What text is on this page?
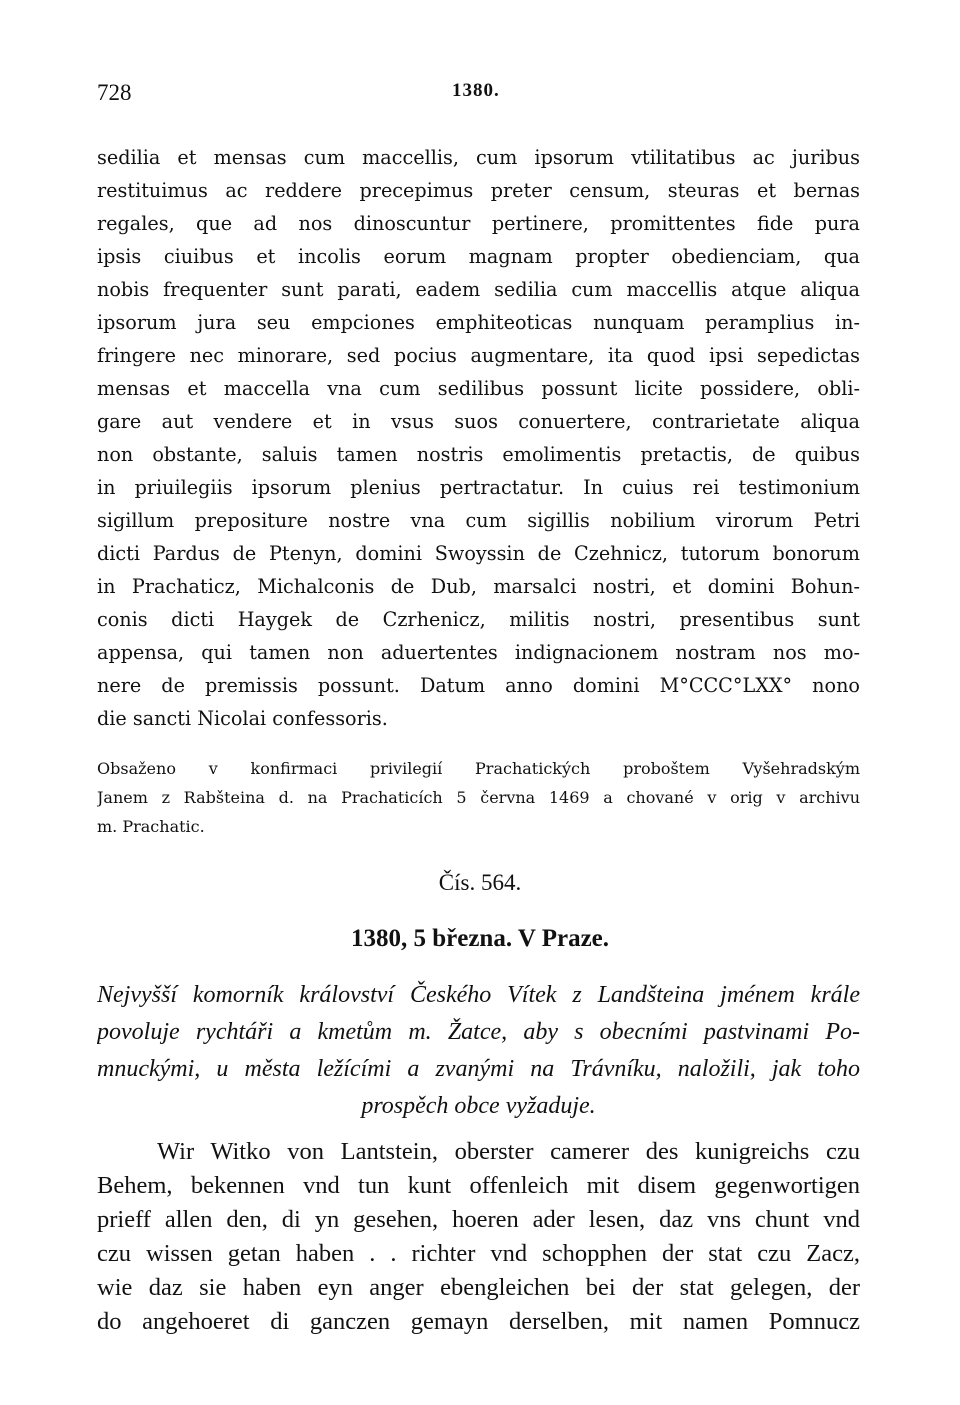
728	1380.
sedilia et mensas cum maccellis, cum ipsorum vtilitatibus ac juribus
restituimus ac reddere precepimus preter censum, steuras et bernas
regales, que ad nos dinoscuntur pertinere, promittentes fide pura
ipsis ciuibus et incolis eorum magnam propter obedienciam, qua
nobis frequenter sunt parati, eadem sedilia cum maccellis atque aliqua
ipsorum jura seu empciones emphiteoticas nunquam peramplius in-
fringere nec minorare, sed pocius augmentare, ita quod ipsi sepedictas
mensas et maccella vna cum sedilibus possunt licite possidere, obli-
gare aut vendere et in vsus suos conuertere, contrarietate aliqua
non obstante, saluis tamen nostris emolimentis pretactis, de quibus
in priuilegiis ipsorum plenius pertractatur. In cuius rei testimonium
sigillum prepositure nostre vna cum sigillis nobilium virorum Petri
dicti Pardus de Ptenyn, domini Swoyssin de Czehnicz, tutorum bonorum
in Prachaticz, Michalconis de Dub, marsalci nostri, et domini Bohun-
conis dicti Haygek de Czrhenicz, militis nostri, presentibus sunt
appensa, qui tamen non aduertentes indignacionem nostram nos mo-
nere de premissis possunt. Datum anno domini M°CCC°LXX° nono
die sancti Nicolai confessoris.
Obsaženo v konfirmaci privilegií Prachatických proboštem Vyšehradským
Janem z Rabšteina d. na Prachaticích 5 června 1469 a chované v orig v archivu
m. Prachatic.
Čís. 564.
1380, 5 března. V Praze.
Nejvyšší komorník království Českého Vítek z Landšteina jménem krále
povoluje rychtáři a kmetům m. Žatce, aby s obecními pastvinami Po-
mnuckými, u města ležícími a zvanými na Trávníku, naložili, jak toho
prospěch obce vyžaduje.
Wir Witko von Lantstein, oberster camerer des kunigreichs czu
Behem, bekennen vnd tun kunt offenleich mit disem gegenwortigen
prieff allen den, di yn gesehen, hoeren ader lesen, daz vns chunt vnd
czu wissen getan haben . . richter vnd schopphen der stat czu Zacz,
wie daz sie haben eyn anger ebengleichen bei der stat gelegen, der
do angehoeret di ganczen gemayn derselben, mit namen Pomnucz
